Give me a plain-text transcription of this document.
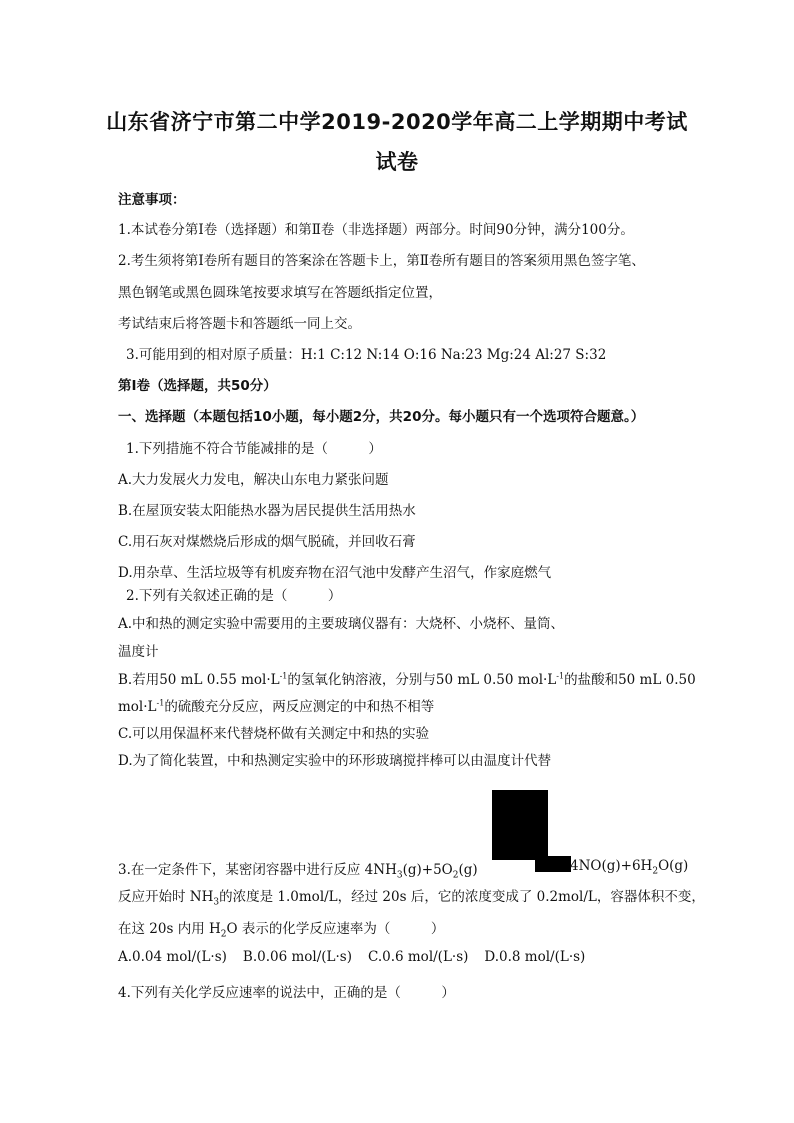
山东省济宁市第二中学2019-2020学年高二上学期期中考试
试卷
注意事项：
1.本试卷分第Ⅰ卷（选择题）和第Ⅱ卷（非选择题）两部分。时间90分钟，满分100分。
2.考生须将第Ⅰ卷所有题目的答案涂在答题卡上，第Ⅱ卷所有题目的答案须用黑色签字笔、
黑色钢笔或黑色圆珠笔按要求填写在答题纸指定位置，
考试结束后将答题卡和答题纸一同上交。
3.可能用到的相对原子质量：H:1 C:12 N:14 O:16 Na:23 Mg:24 Al:27 S:32
第Ⅰ卷（选择题，共50分）
一、选择题（本题包括10小题，每小题2分，共20分。每小题只有一个选项符合题意。）
1.下列措施不符合节能减排的是（　　　）
A.大力发展火力发电，解决山东电力紧张问题
B.在屋顶安装太阳能热水器为居民提供生活用热水
C.用石灰对煤燃烧后形成的烟气脱硫，并回收石膏
D.用杂草、生活垃圾等有机废弃物在沼气池中发酵产生沼气，作家庭燃气
2.下列有关叙述正确的是（　　　）
A.中和热的测定实验中需要用的主要玻璃仪器有：大烧杯、小烧杯、量筒、
温度计
B.若用50 mL 0.55 $mol\cdot L^{-1}$的氢氧化钠溶液，分别与50 mL 0.50 $mol\cdot L^{-1}$的盐酸和50 mL 0.50
$mol\cdot L^{-1}$的硫酸充分反应，两反应测定的中和热不相等
C.可以用保温杯来代替烧杯做有关测定中和热的实验
D.为了简化装置，中和热测定实验中的环形玻璃搅拌棒可以由温度计代替
3.在一定条件下，某密闭容器中进行反应 $4NH_3(g)+5O_2(g)$	$4NO(g)+6H_2O(g)$
反应开始时 $NH_3$的浓度是 1.0mol/L，经过 20s 后，它的浓度变成了 0.2mol/L，容器体积不变，
在这 20s 内用 $H_2O$ 表示的化学反应速率为（　　　）
A.0.04 mol/(L·s) B.0.06 mol/(L·s) C.0.6 mol/(L·s) D.0.8 mol/(L·s)
4.下列有关化学反应速率的说法中，正确的是（　　　）
